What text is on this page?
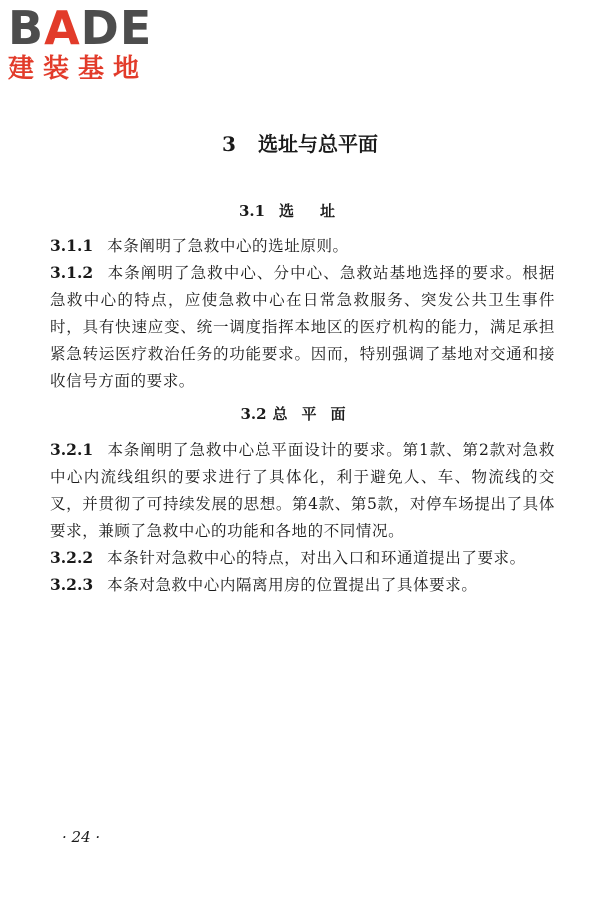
BADE
建装基地
3 选址与总平面
3.1 选址
3.1.1 本条阐明了急救中心的选址原则。
3.1.2 本条阐明了急救中心、分中心、急救站基地选择的要求。根据急救中心的特点，应使急救中心在日常急救服务、突发公共卫生事件时，具有快速应变、统一调度指挥本地区的医疗机构的能力，满足承担紧急转运医疗救治任务的功能要求。因而，特别强调了基地对交通和接收信号方面的要求。
3.2 总平面
3.2.1 本条阐明了急救中心总平面设计的要求。第1款、第2款对急救中心内流线组织的要求进行了具体化，利于避免人、车、物流线的交叉，并贯彻了可持续发展的思想。第4款、第5款，对停车场提出了具体要求，兼顾了急救中心的功能和各地的不同情况。
3.2.2 本条针对急救中心的特点，对出入口和环通道提出了要求。
3.2.3 本条对急救中心内隔离用房的位置提出了具体要求。
· 24 ·
